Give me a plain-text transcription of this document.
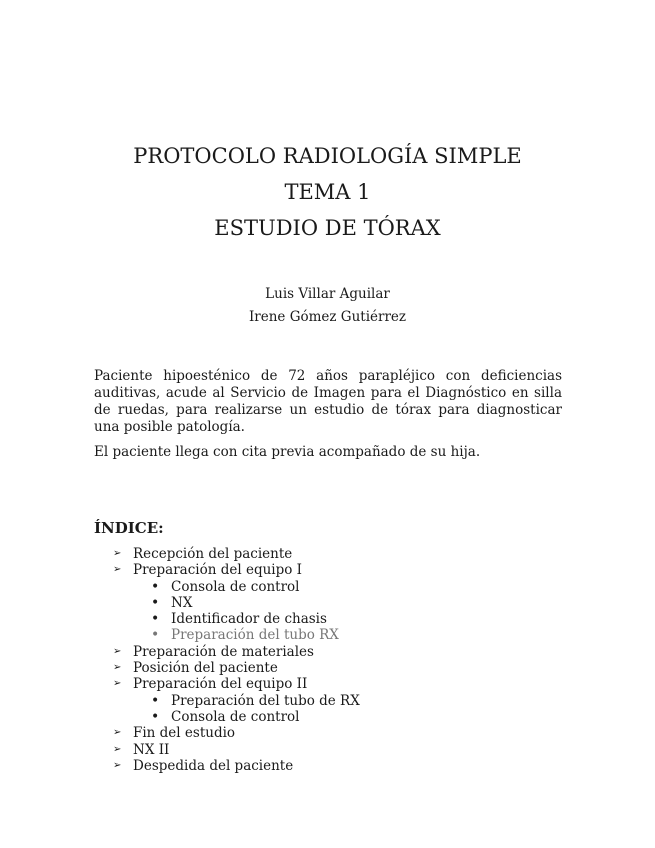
PROTOCOLO RADIOLOGÍA SIMPLE
TEMA 1
ESTUDIO DE TÓRAX
Luis Villar Aguilar
Irene Gómez Gutiérrez

Paciente hipoesténico de 72 años parapléjico con deficiencias auditivas, acude al Servicio de Imagen para el Diagnóstico en silla de ruedas, para realizarse un estudio de tórax para diagnosticar una posible patología.

El paciente llega con cita previa acompañado de su hija.

ÍNDICE:
➢ Recepción del paciente
➢ Preparación del equipo I
• Consola de control
• NX
• Identificador de chasis
• Preparación del tubo RX
➢ Preparación de materiales
➢ Posición del paciente
➢ Preparación del equipo II
• Preparación del tubo de RX
• Consola de control
➢ Fin del estudio
➢ NX II
➢ Despedida del paciente
